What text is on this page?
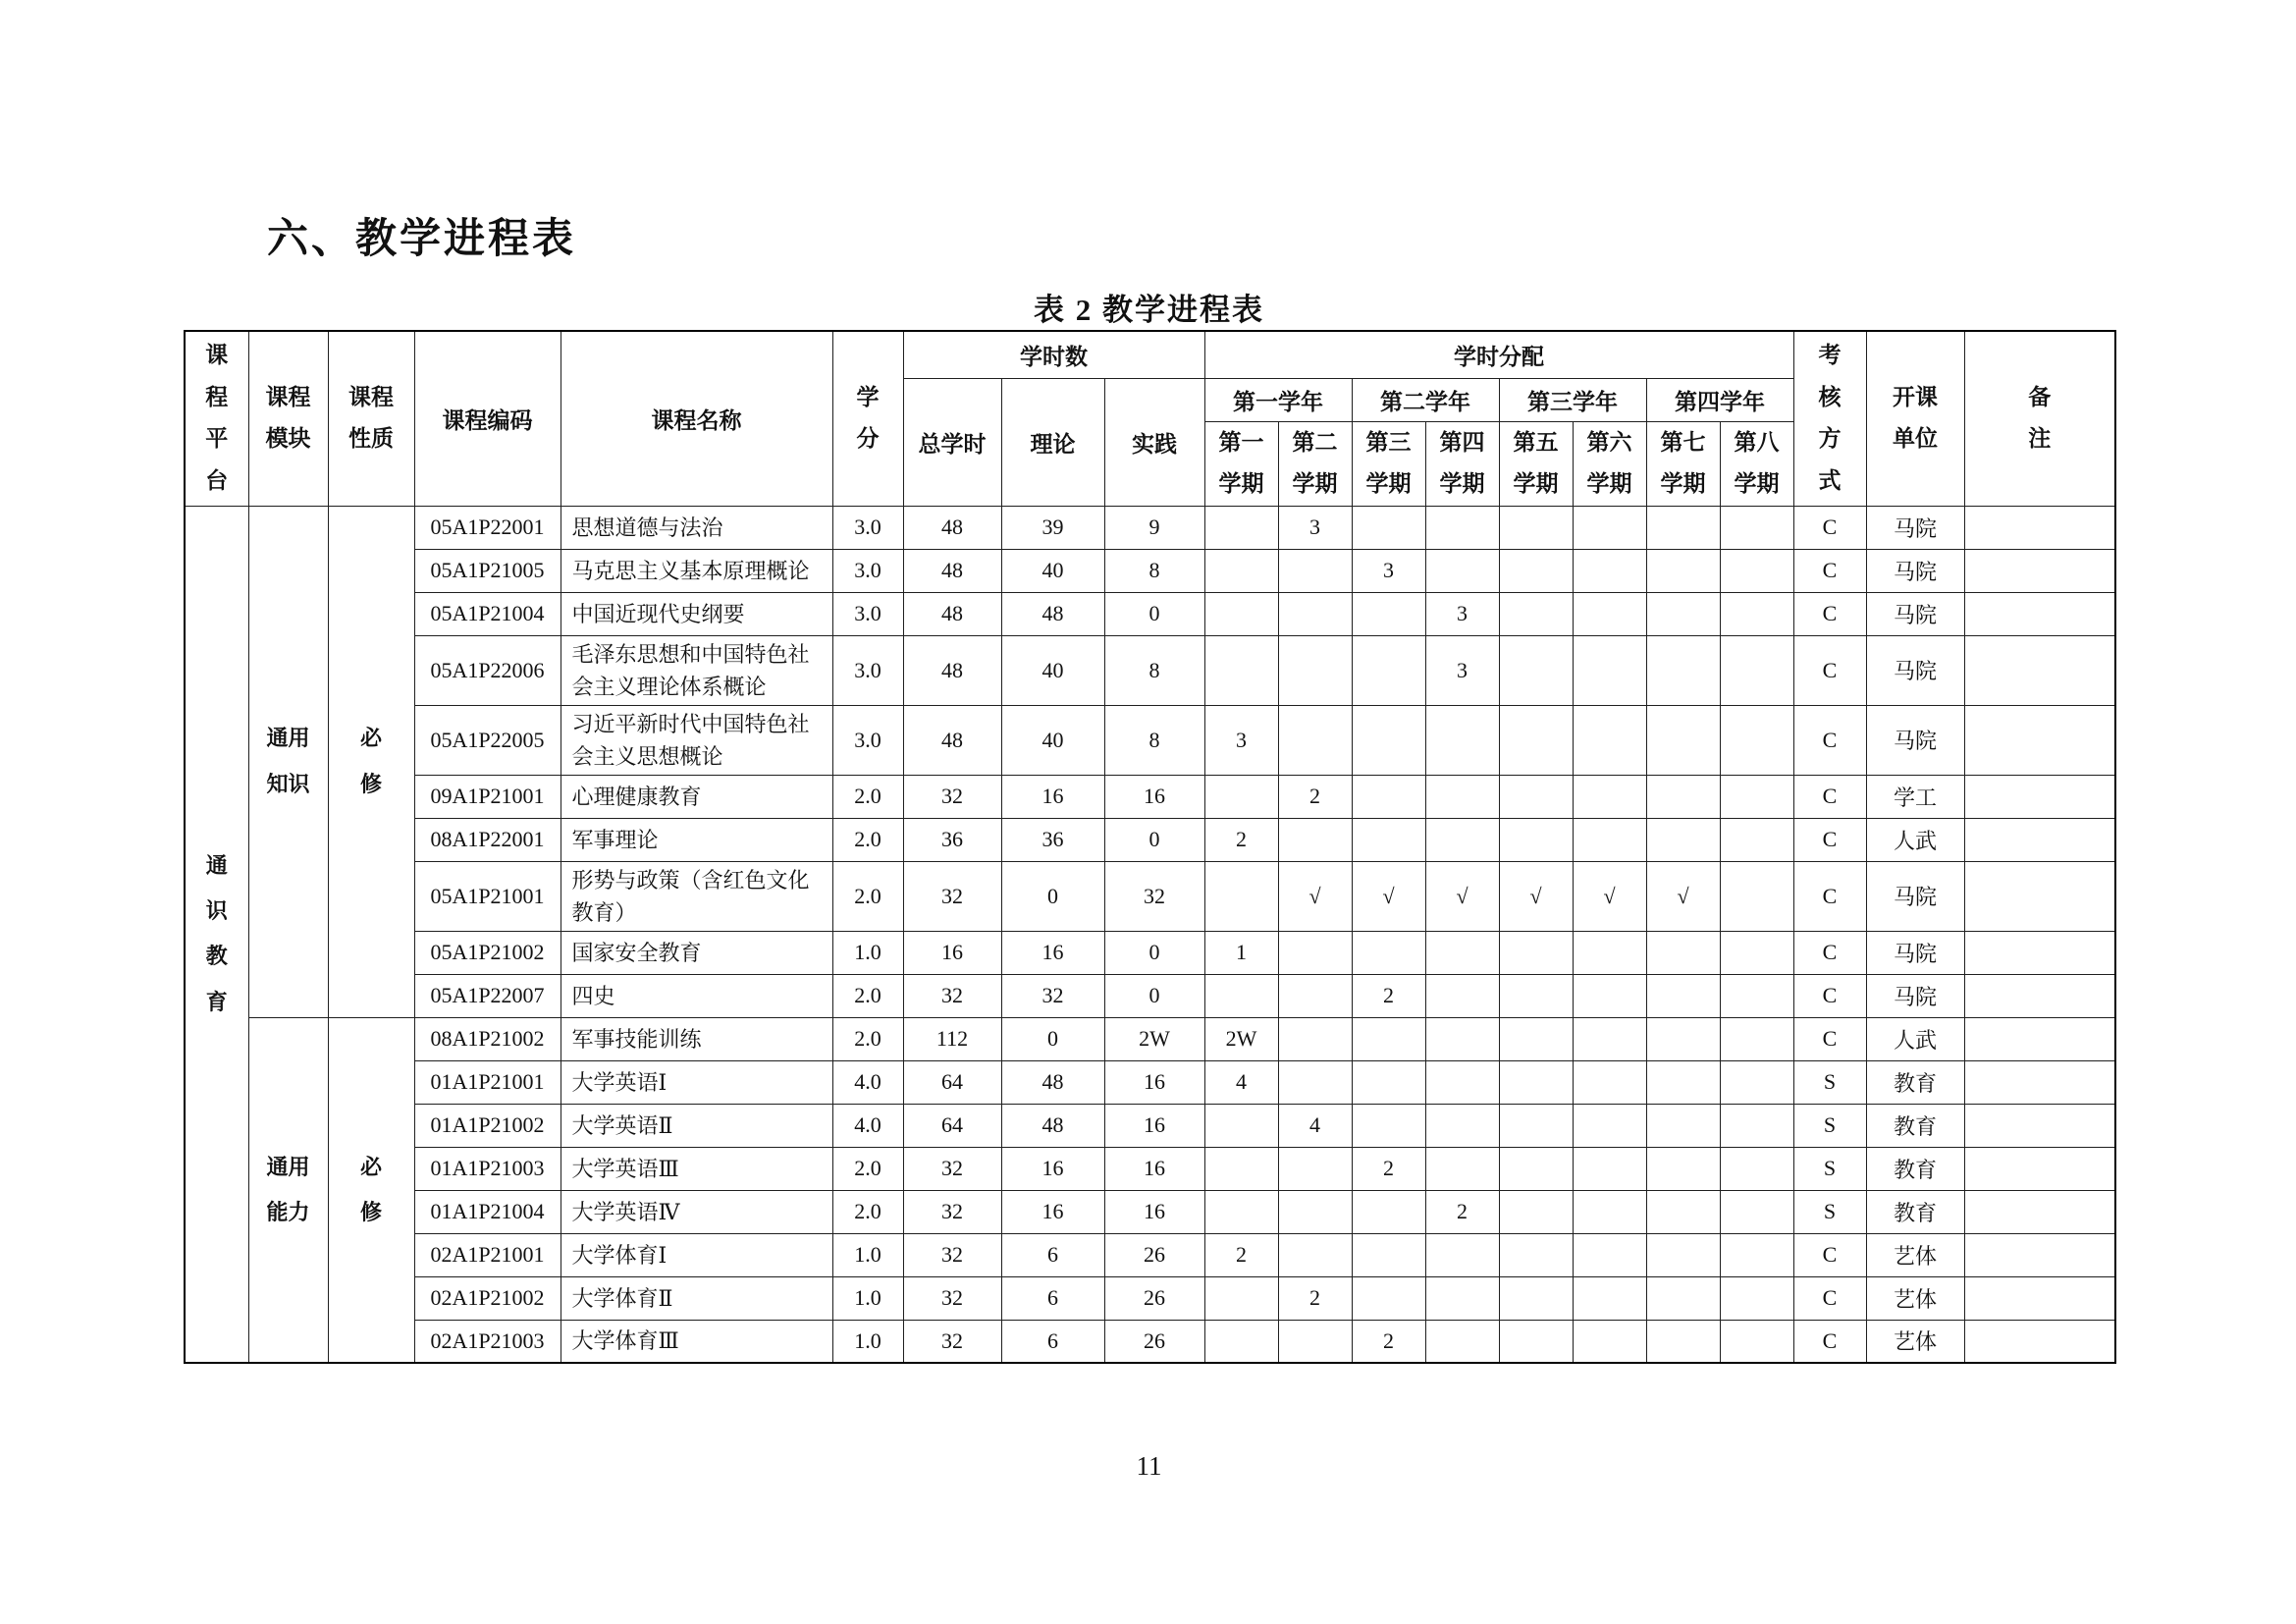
六、教学进程表
表 2 教学进程表
课程平台	课程模块	课程性质	课程编码	课程名称	学分	学时数			学时分配								考核方式	开课单位	备注

						总学时	理论	实践	第一学年		第二学年		第三学年		第四学年				

									第一学期	第二学期	第三学期	第四学期	第五学期	第六学期	第七学期	第八学期			

通识教育	通用知识	必修	05A1P22001	思想道德与法治	3.0	48	39	9		3							C	马院	
			05A1P21005	马克思主义基本原理概论	3.0	48	40	8			3						C	马院	
			05A1P21004	中国近现代史纲要	3.0	48	48	0				3					C	马院	
			05A1P22006	毛泽东思想和中国特色社会主义理论体系概论	3.0	48	40	8				3					C	马院	
			05A1P22005	习近平新时代中国特色社会主义思想概论	3.0	48	40	8	3								C	马院	
			09A1P21001	心理健康教育	2.0	32	16	16		2							C	学工	
			08A1P22001	军事理论	2.0	36	36	0	2								C	人武	
			05A1P21001	形势与政策（含红色文化教育）	2.0	32	0	32		√	√	√	√	√	√		C	马院	
			05A1P21002	国家安全教育	1.0	16	16	0	1								C	马院	
			05A1P22007	四史	2.0	32	32	0			2						C	马院	

	通用能力	必修	08A1P21002	军事技能训练	2.0	112	0	2W	2W								C	人武	
			01A1P21001	大学英语Ⅰ	4.0	64	48	16	4								S	教育	
			01A1P21002	大学英语Ⅱ	4.0	64	48	16		4							S	教育	
			01A1P21003	大学英语Ⅲ	2.0	32	16	16			2						S	教育	
			01A1P21004	大学英语Ⅳ	2.0	32	16	16				2					S	教育	
			02A1P21001	大学体育Ⅰ	1.0	32	6	26	2								C	艺体	
			02A1P21002	大学体育Ⅱ	1.0	32	6	26		2							C	艺体	
			02A1P21003	大学体育Ⅲ	1.0	32	6	26			2						C	艺体	
11
